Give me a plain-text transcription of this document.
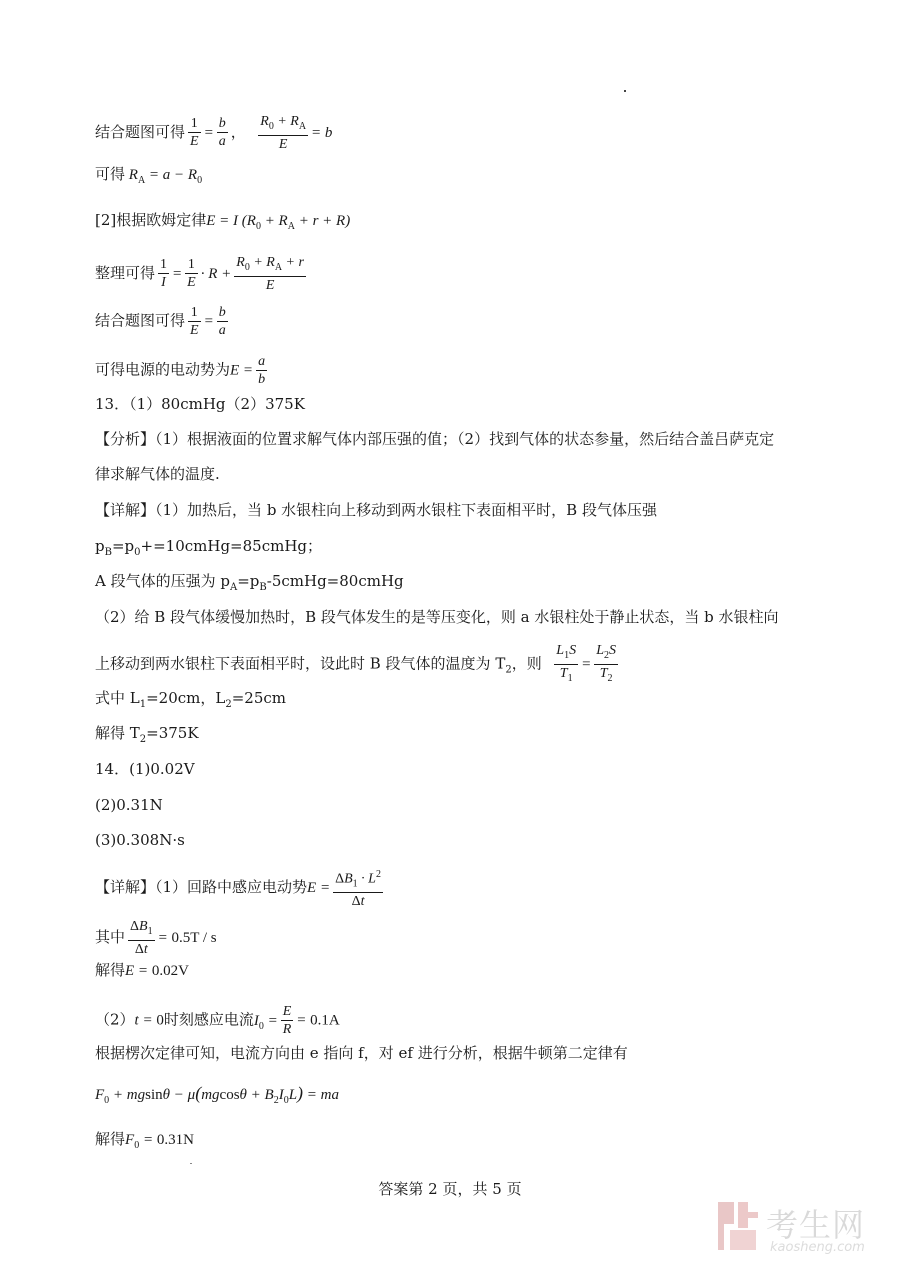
结合题图可得 $\frac{1}{E} = \frac{b}{a}$ ， $\frac{R_0 + R_A}{E} = b$
可得 $R_A = a - R_0$
[2]根据欧姆定律E = I $(R_0 + R_A + r + R)$
整理可得 $\frac{1}{I} = \frac{1}{E} \cdot R + \frac{R_0 + R_A + r}{E}$
结合题图可得 $\frac{1}{E} = \frac{b}{a}$
可得电源的电动势为$E = \frac{a}{b}$
13．（1）80cmHg（2）375K
【分析】（1）根据液面的位置求解气体内部压强的值；（2）找到气体的状态参量，然后结合盖吕萨克定
律求解气体的温度.
【详解】（1）加热后，当 b 水银柱向上移动到两水银柱下表面相平时，B 段气体压强
$p_B=p_0+=10cmHg=85cmHg$；
A 段气体的压强为 $p_A=p_B-5cmHg=80cmHg$
（2）给 B 段气体缓慢加热时，B 段气体发生的是等压变化，则 a 水银柱处于静止状态，当 b 水银柱向
上移动到两水银柱下表面相平时，设此时 B 段气体的温度为 $T_2$，则 $\frac{L_1S}{T_1} = \frac{L_2S}{T_2}$
式中 $L_1=20cm$，$L_2=25cm$
解得 $T_2=375K$
14．(1)0.02V
(2)0.31N
(3)0.308N·s
【详解】（1）回路中感应电动势$E = \frac{\Delta B_1 \cdot L^2}{\Delta t}$
其中 $\frac{\Delta B_1}{\Delta t} = 0.5T / s$
解得E = 0.02V
（2）t = 0时刻感应电流$I_0 = \frac{E}{R} = 0.1A$
根据楞次定律可知，电流方向由 e 指向 f，对 ef 进行分析，根据牛顿第二定律有
$F_0 + mgsin\theta - \mu(mgcos\theta + B_2I_0L)$ = ma
解得$F_0 = 0.31N$
答案第 2 页，共 5 页
考生网
kaosheng.com
